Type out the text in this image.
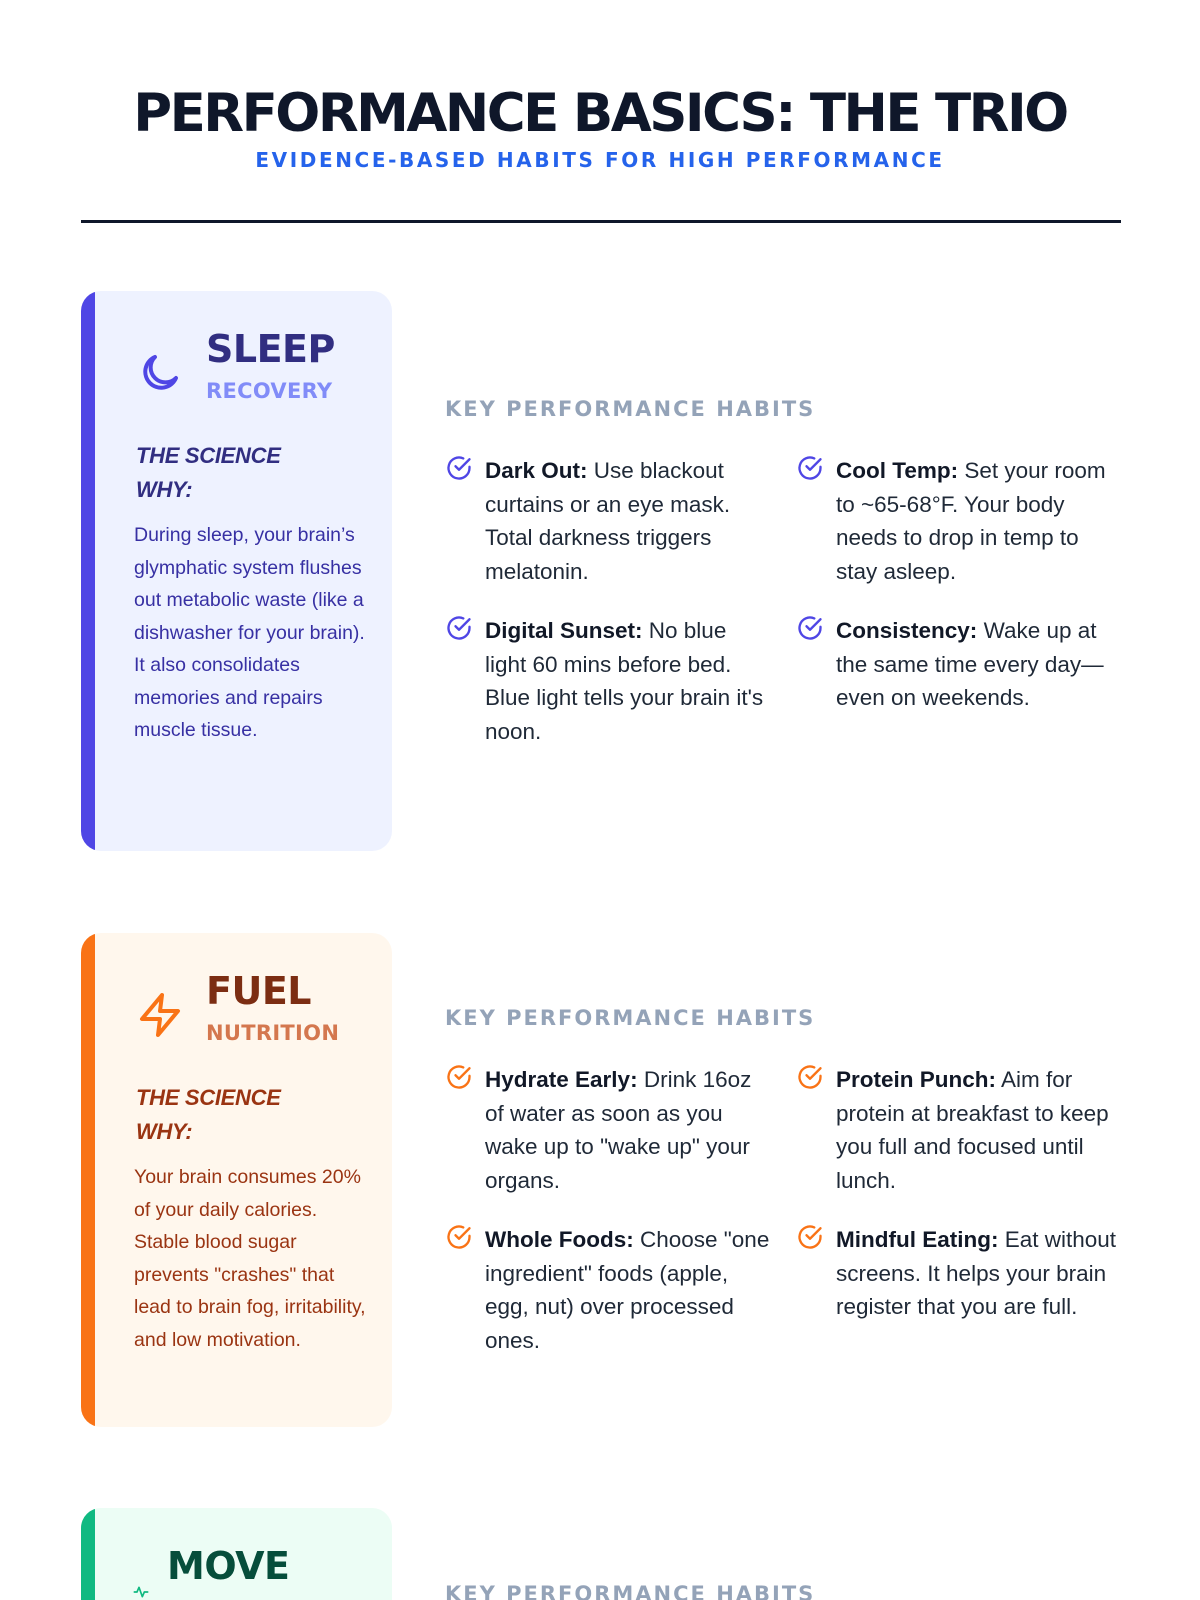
PERFORMANCE BASICS: THE TRIO
EVIDENCE-BASED HABITS FOR HIGH PERFORMANCE
SLEEP
RECOVERY
THE SCIENCE WHY:
During sleep, your brain’s glymphatic system flushes out metabolic waste (like a dishwasher for your brain). It also consolidates memories and repairs muscle tissue.
KEY PERFORMANCE HABITS
Dark Out: Use blackout curtains or an eye mask. Total darkness triggers melatonin.
Cool Temp: Set your room to ~65-68°F. Your body needs to drop in temp to stay asleep.
Digital Sunset: No blue light 60 mins before bed. Blue light tells your brain it's noon.
Consistency: Wake up at the same time every day—even on weekends.
FUEL
NUTRITION
THE SCIENCE WHY:
Your brain consumes 20% of your daily calories. Stable blood sugar prevents "crashes" that lead to brain fog, irritability, and low motivation.
KEY PERFORMANCE HABITS
Hydrate Early: Drink 16oz of water as soon as you wake up to "wake up" your organs.
Protein Punch: Aim for protein at breakfast to keep you full and focused until lunch.
Whole Foods: Choose "one ingredient" foods (apple, egg, nut) over processed ones.
Mindful Eating: Eat without screens. It helps your brain register that you are full.
MOVE
KEY PERFORMANCE HABITS
